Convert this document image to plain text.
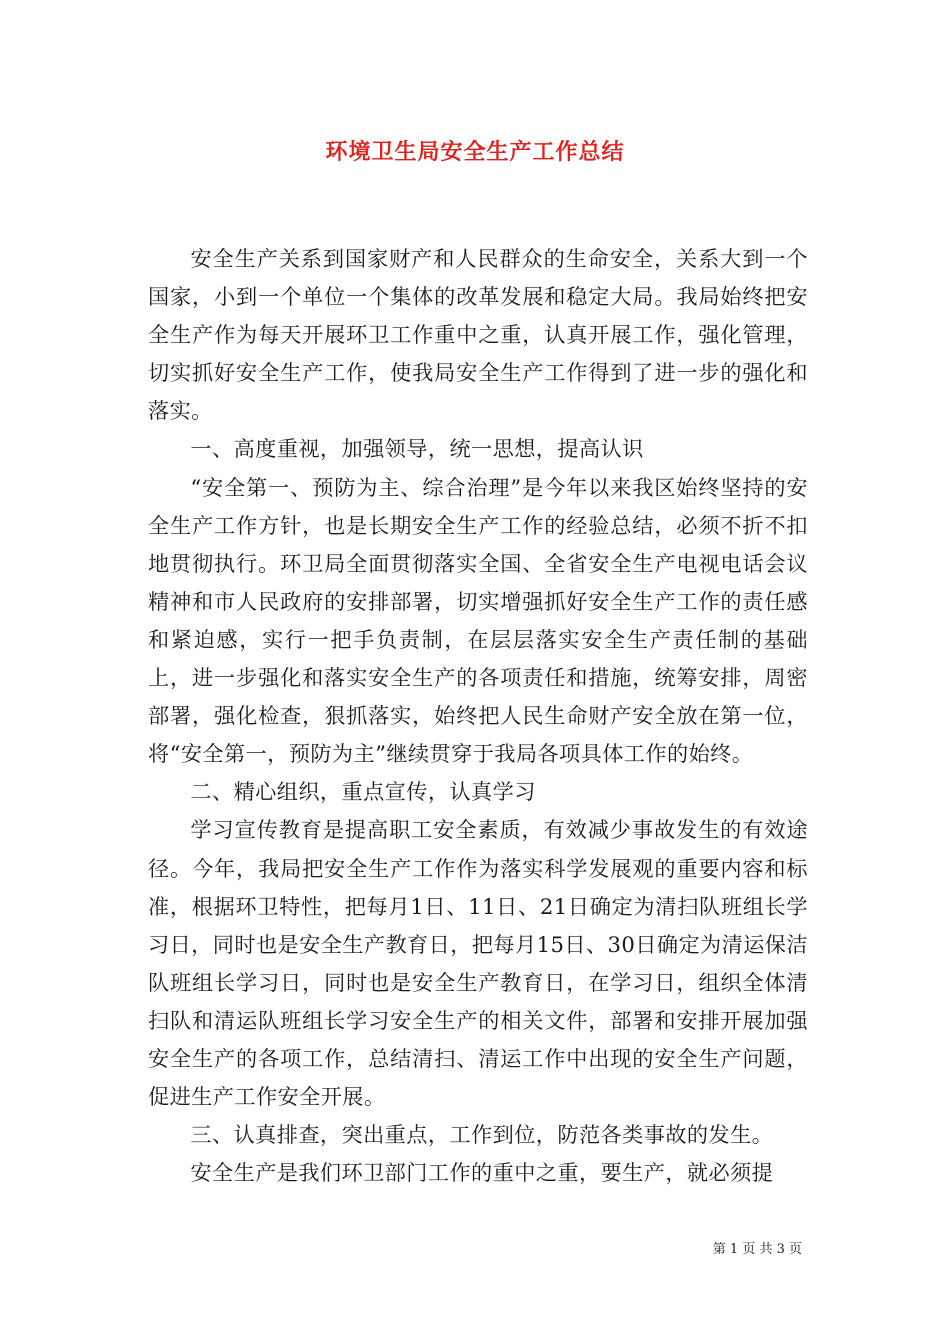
环境卫生局安全生产工作总结

安全生产关系到国家财产和人民群众的生命安全，关系大到一个国家，小到一个单位一个集体的改革发展和稳定大局。我局始终把安全生产作为每天开展环卫工作重中之重，认真开展工作，强化管理，切实抓好安全生产工作，使我局安全生产工作得到了进一步的强化和落实。

一、高度重视，加强领导，统一思想，提高认识

“安全第一、预防为主、综合治理”是今年以来我区始终坚持的安全生产工作方针，也是长期安全生产工作的经验总结，必须不折不扣地贯彻执行。环卫局全面贯彻落实全国、全省安全生产电视电话会议精神和市人民政府的安排部署，切实增强抓好安全生产工作的责任感和紧迫感，实行一把手负责制，在层层落实安全生产责任制的基础上，进一步强化和落实安全生产的各项责任和措施，统筹安排，周密部署，强化检查，狠抓落实，始终把人民生命财产安全放在第一位，将“安全第一，预防为主”继续贯穿于我局各项具体工作的始终。

二、精心组织，重点宣传，认真学习

学习宣传教育是提高职工安全素质，有效减少事故发生的有效途径。今年，我局把安全生产工作作为落实科学发展观的重要内容和标准，根据环卫特性，把每月1日、11日、21日确定为清扫队班组长学习日，同时也是安全生产教育日，把每月15日、30日确定为清运保洁队班组长学习日，同时也是安全生产教育日，在学习日，组织全体清扫队和清运队班组长学习安全生产的相关文件，部署和安排开展加强安全生产的各项工作，总结清扫、清运工作中出现的安全生产问题，促进生产工作安全开展。

三、认真排查，突出重点，工作到位，防范各类事故的发生。

安全生产是我们环卫部门工作的重中之重，要生产，就必须提

第 1 页 共 3 页
